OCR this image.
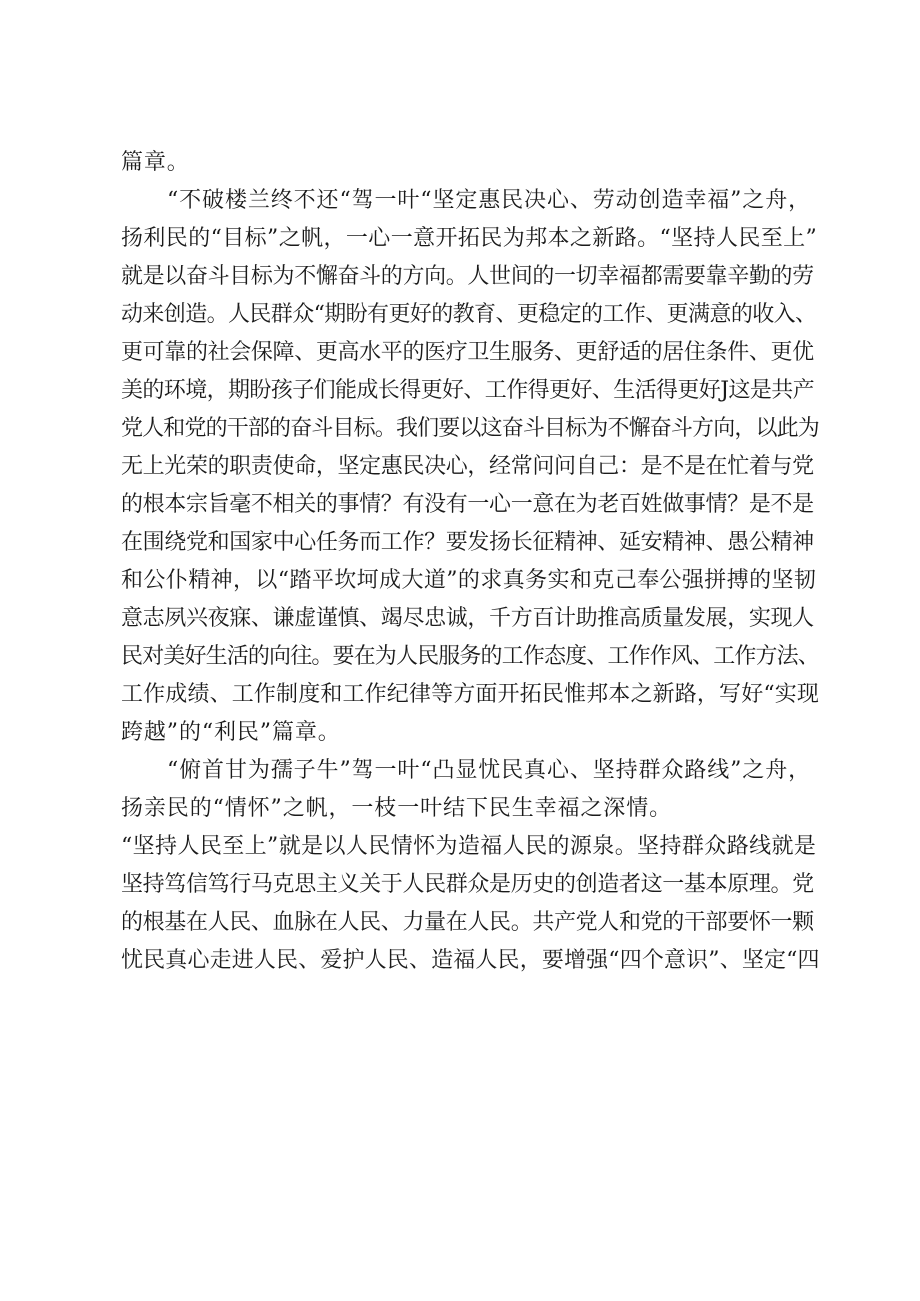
篇章。
“不破楼兰终不还“驾一叶“坚定惠民决心、劳动创造幸福”之舟，
扬利民的“目标”之帆，一心一意开拓民为邦本之新路。“坚持人民至上”
就是以奋斗目标为不懈奋斗的方向。人世间的一切幸福都需要靠辛勤的劳
动来创造。人民群众“期盼有更好的教育、更稳定的工作、更满意的收入、
更可靠的社会保障、更高水平的医疗卫生服务、更舒适的居住条件、更优
美的环境，期盼孩子们能成长得更好、工作得更好、生活得更好J这是共产
党人和党的干部的奋斗目标。我们要以这奋斗目标为不懈奋斗方向，以此为
无上光荣的职责使命，坚定惠民决心，经常问问自己：是不是在忙着与党
的根本宗旨毫不相关的事情？有没有一心一意在为老百姓做事情？是不是
在围绕党和国家中心任务而工作？要发扬长征精神、延安精神、愚公精神
和公仆精神，以“踏平坎坷成大道”的求真务实和克己奉公强拼搏的坚韧
意志夙兴夜寐、谦虚谨慎、竭尽忠诚，千方百计助推高质量发展，实现人
民对美好生活的向往。要在为人民服务的工作态度、工作作风、工作方法、
工作成绩、工作制度和工作纪律等方面开拓民惟邦本之新路，写好“实现
跨越”的“利民”篇章。
“俯首甘为孺子牛”驾一叶“凸显忧民真心、坚持群众路线”之舟，
扬亲民的“情怀”之帆，一枝一叶结下民生幸福之深情。
“坚持人民至上”就是以人民情怀为造福人民的源泉。坚持群众路线就是
坚持笃信笃行马克思主义关于人民群众是历史的创造者这一基本原理。党
的根基在人民、血脉在人民、力量在人民。共产党人和党的干部要怀一颗
忧民真心走进人民、爱护人民、造福人民，要增强“四个意识”、坚定“四
